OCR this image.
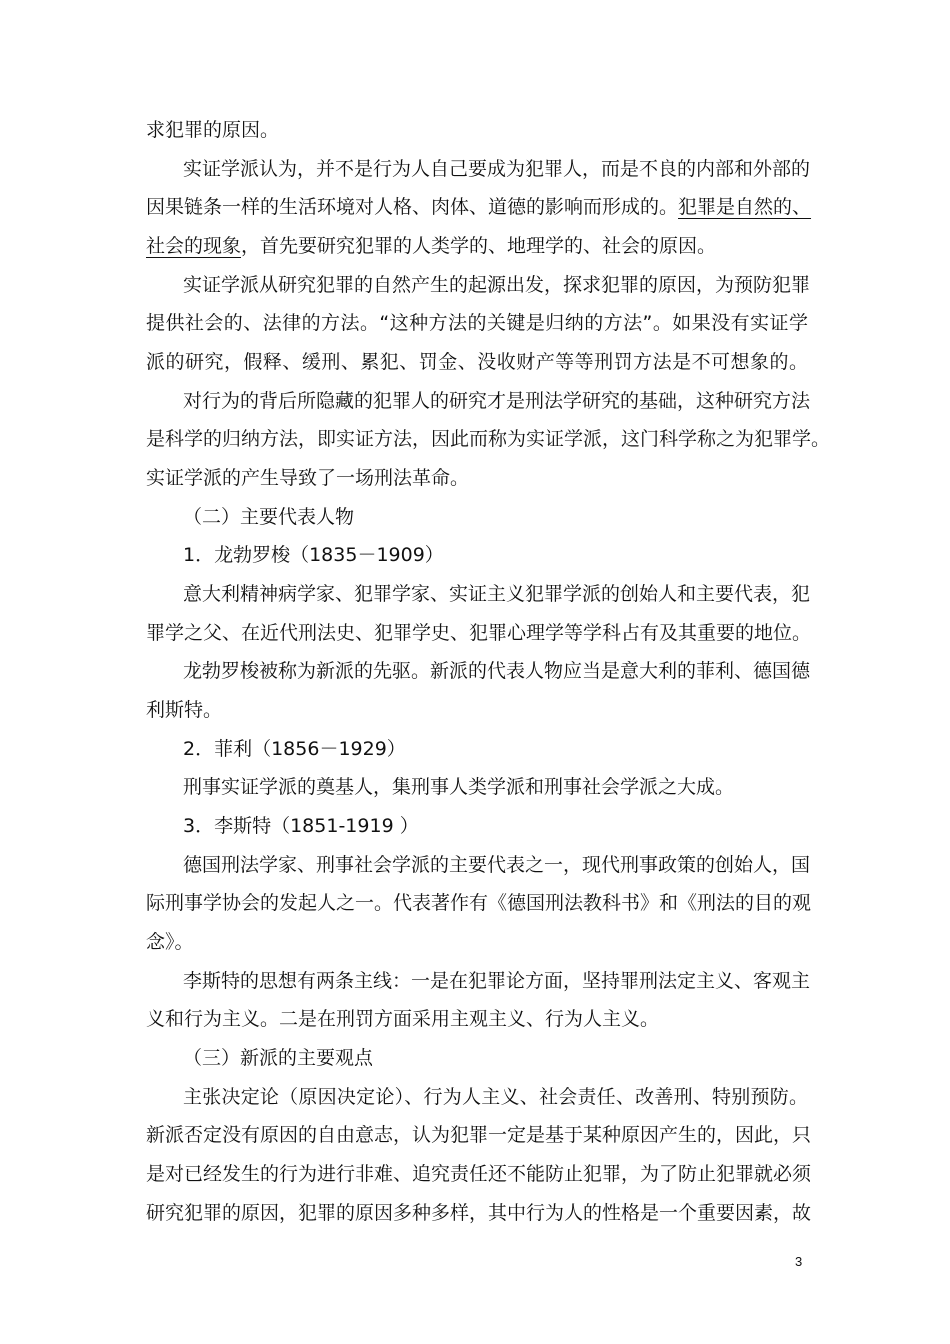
求犯罪的原因。
实证学派认为，并不是行为人自己要成为犯罪人，而是不良的内部和外部的
因果链条一样的生活环境对人格、肉体、道德的影响而形成的。犯罪是自然的、
社会的现象，首先要研究犯罪的人类学的、地理学的、社会的原因。
实证学派从研究犯罪的自然产生的起源出发，探求犯罪的原因，为预防犯罪
提供社会的、法律的方法。“这种方法的关键是归纳的方法”。如果没有实证学
派的研究，假释、缓刑、累犯、罚金、没收财产等等刑罚方法是不可想象的。
对行为的背后所隐藏的犯罪人的研究才是刑法学研究的基础，这种研究方法
是科学的归纳方法，即实证方法，因此而称为实证学派，这门科学称之为犯罪学。
实证学派的产生导致了一场刑法革命。
（二）主要代表人物
1．龙勃罗梭（1835－1909）
意大利精神病学家、犯罪学家、实证主义犯罪学派的创始人和主要代表，犯
罪学之父、在近代刑法史、犯罪学史、犯罪心理学等学科占有及其重要的地位。
龙勃罗梭被称为新派的先驱。新派的代表人物应当是意大利的菲利、德国德
利斯特。
2．菲利（1856－1929）
刑事实证学派的奠基人，集刑事人类学派和刑事社会学派之大成。
3．李斯特（1851-1919 ）
德国刑法学家、刑事社会学派的主要代表之一，现代刑事政策的创始人，国
际刑事学协会的发起人之一。代表著作有《德国刑法教科书》和《刑法的目的观
念》。
李斯特的思想有两条主线：一是在犯罪论方面，坚持罪刑法定主义、客观主
义和行为主义。二是在刑罚方面采用主观主义、行为人主义。
（三）新派的主要观点
主张决定论（原因决定论）、行为人主义、社会责任、改善刑、特别预防。
新派否定没有原因的自由意志，认为犯罪一定是基于某种原因产生的，因此，只
是对已经发生的行为进行非难、追究责任还不能防止犯罪，为了防止犯罪就必须
研究犯罪的原因，犯罪的原因多种多样，其中行为人的性格是一个重要因素，故
3
